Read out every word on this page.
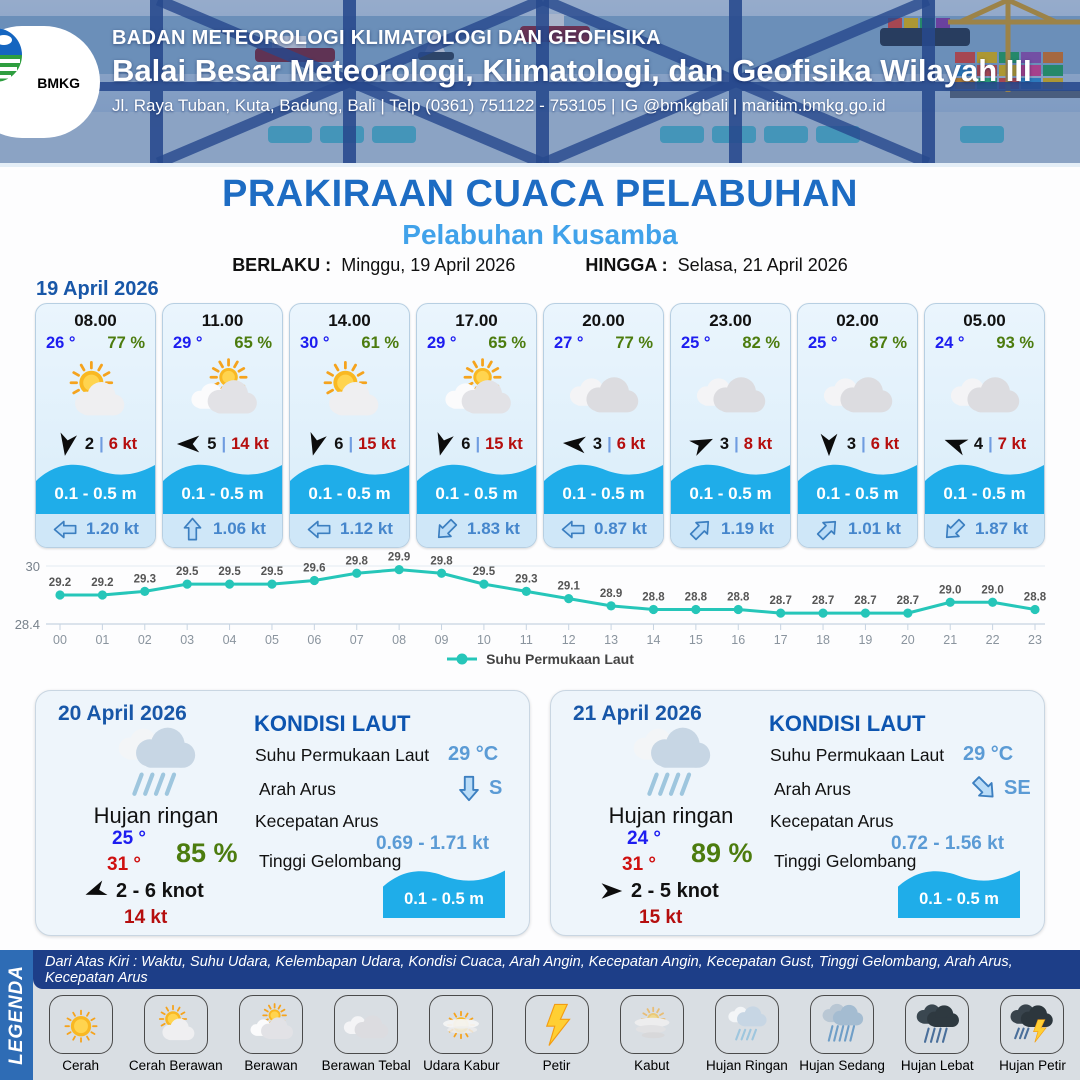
BMKG
BADAN METEOROLOGI KLIMATOLOGI DAN GEOFISIKA
Balai Besar Meteorologi, Klimatologi, dan Geofisika Wilayah III
Jl. Raya Tuban, Kuta, Badung, Bali | Telp (0361) 751122 - 753105 | IG @bmkgbali | maritim.bmkg.go.id
PRAKIRAAN CUACA PELABUHAN
Pelabuhan Kusamba
BERLAKU : Minggu, 19 April 2026	HINGGA : Selasa, 21 April 2026
19 April 2026
08.00
26 ° 77 %
2 | 6 kt
0.1 - 0.5 m
1.20 kt
11.00
29 ° 65 %
5 | 14 kt
0.1 - 0.5 m
1.06 kt
14.00
30 ° 61 %
6 | 15 kt
0.1 - 0.5 m
1.12 kt
17.00
29 ° 65 %
6 | 15 kt
0.1 - 0.5 m
1.83 kt
20.00
27 ° 77 %
3 | 6 kt
0.1 - 0.5 m
0.87 kt
23.00
25 ° 82 %
3 | 8 kt
0.1 - 0.5 m
1.19 kt
02.00
25 ° 87 %
3 | 6 kt
0.1 - 0.5 m
1.01 kt
05.00
24 ° 93 %
4 | 7 kt
0.1 - 0.5 m
1.87 kt
30
28.4
00 01 02 03 04 05 06 07 08 09 10 11 12 13 14 15 16 17 18 19 20 21 22 23
29.2 29.2 29.3
29.5 29.5 29.5 29.6
29.8 29.9 29.8
29.5
29.3
29.1
28.9 28.8 28.8 28.8 28.7 28.7 28.7 28.7
29.0 29.0
28.8
Suhu Permukaan Laut
20 April 2026
Hujan ringan
25 °
31 ° 85 %
2 - 6 knot
14 kt
KONDISI LAUT
Suhu Permukaan Laut 29 °C
Arah Arus	S
Kecepatan Arus
0.69 - 1.71 kt
Tinggi Gelombang
0.1 - 0.5 m
21 April 2026
Hujan ringan
24 °
31 ° 89 %
2 - 5 knot
15 kt
KONDISI LAUT
Suhu Permukaan Laut 29 °C
Arah Arus	SE
Kecepatan Arus
0.72 - 1.56 kt
Tinggi Gelombang
0.1 - 0.5 m
Dari Atas Kiri : Waktu, Suhu Udara, Kelembapan Udara, Kondisi Cuaca, Arah Angin, Kecepatan Angin, Kecepatan Gust, Tinggi Gelombang, Arah Arus, Kecepatan Arus
Cerah Cerah Berawan Berawan Berawan Tebal Udara Kabur	Petir	Kabut	Hujan Ringan Hujan Sedang Hujan Lebat Hujan Petir
LEGENDA
